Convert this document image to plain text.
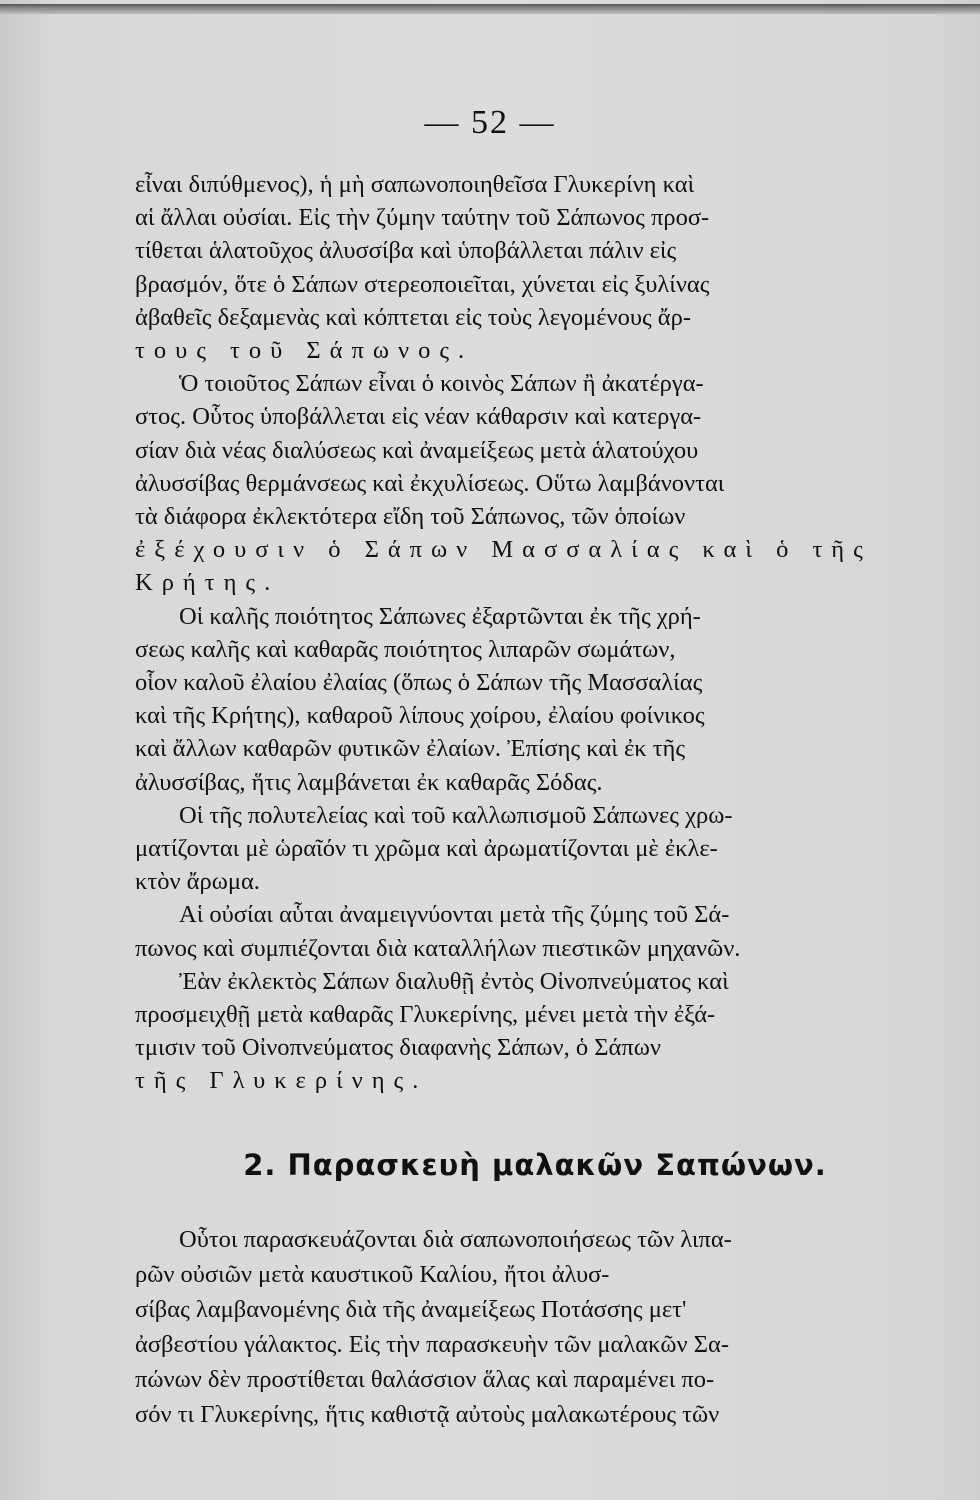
— 52 —
εἶναι διπύθμενος), ἡ μὴ σαπωνοποιηθεῖσα Γλυκερίνη καὶ
αἱ ἄλλαι οὐσίαι. Εἰς τὴν ζύμην ταύτην τοῦ Σάπωνος προσ-
τίθεται ἁλατοῦχος ἀλυσσίβα καὶ ὑποβάλλεται πάλιν εἰς
βρασμόν, ὅτε ὁ Σάπων στερεοποιεῖται, χύνεται εἰς ξυλίνας
ἀβαθεῖς δεξαμενὰς καὶ κόπτεται εἰς τοὺς λεγομένους ἄρ-
τους τοῦ Σάπωνος.
Ὁ τοιοῦτος Σάπων εἶναι ὁ κοινὸς Σάπων ἢ ἀκατέργα-
στος. Οὗτος ὑποβάλλεται εἰς νέαν κάθαρσιν καὶ κατεργα-
σίαν διὰ νέας διαλύσεως καὶ ἀναμείξεως μετὰ ἁλατούχου
ἀλυσσίβας θερμάνσεως καὶ ἐκχυλίσεως. Οὕτω λαμβάνονται
τὰ διάφορα ἐκλεκτότερα εἴδη τοῦ Σάπωνος, τῶν ὁποίων
ἐξέχουσιν ὁ Σάπων Μασσαλίας καὶ ὁ τῆς
Κρήτης.
Οἱ καλῆς ποιότητος Σάπωνες ἐξαρτῶνται ἐκ τῆς χρή-
σεως καλῆς καὶ καθαρᾶς ποιότητος λιπαρῶν σωμάτων,
οἷον καλοῦ ἐλαίου ἐλαίας (ὅπως ὁ Σάπων τῆς Μασσαλίας
καὶ τῆς Κρήτης), καθαροῦ λίπους χοίρου, ἐλαίου φοίνικος
καὶ ἄλλων καθαρῶν φυτικῶν ἐλαίων. Ἐπίσης καὶ ἐκ τῆς
ἀλυσσίβας, ἥτις λαμβάνεται ἐκ καθαρᾶς Σόδας.
Οἱ τῆς πολυτελείας καὶ τοῦ καλλωπισμοῦ Σάπωνες χρω-
ματίζονται μὲ ὡραῖόν τι χρῶμα καὶ ἀρωματίζονται μὲ ἐκλε-
κτὸν ἄρωμα.
Αἱ οὐσίαι αὗται ἀναμειγνύονται μετὰ τῆς ζύμης τοῦ Σά-
πωνος καὶ συμπιέζονται διὰ καταλλήλων πιεστικῶν μηχανῶν.
Ἐὰν ἐκλεκτὸς Σάπων διαλυθῇ ἐντὸς Οἰνοπνεύματος καὶ
προσμειχθῇ μετὰ καθαρᾶς Γλυκερίνης, μένει μετὰ τὴν ἐξά-
τμισιν τοῦ Οἰνοπνεύματος διαφανὴς Σάπων, ὁ Σάπων
τῆς Γλυκερίνης.
2. Παρασκευὴ μαλακῶν Σαπώνων.
Οὗτοι παρασκευάζονται διὰ σαπωνοποιήσεως τῶν λιπα-
ρῶν οὐσιῶν μετὰ καυστικοῦ Καλίου, ἤτοι ἀλυσ-
σίβας λαμβανομένης διὰ τῆς ἀναμείξεως Ποτάσσης μετ'
ἀσβεστίου γάλακτος. Εἰς τὴν παρασκευὴν τῶν μαλακῶν Σα-
πώνων δὲν προστίθεται θαλάσσιον ἅλας καὶ παραμένει πο-
σόν τι Γλυκερίνης, ἥτις καθιστᾷ αὐτοὺς μαλακωτέρους τῶν
